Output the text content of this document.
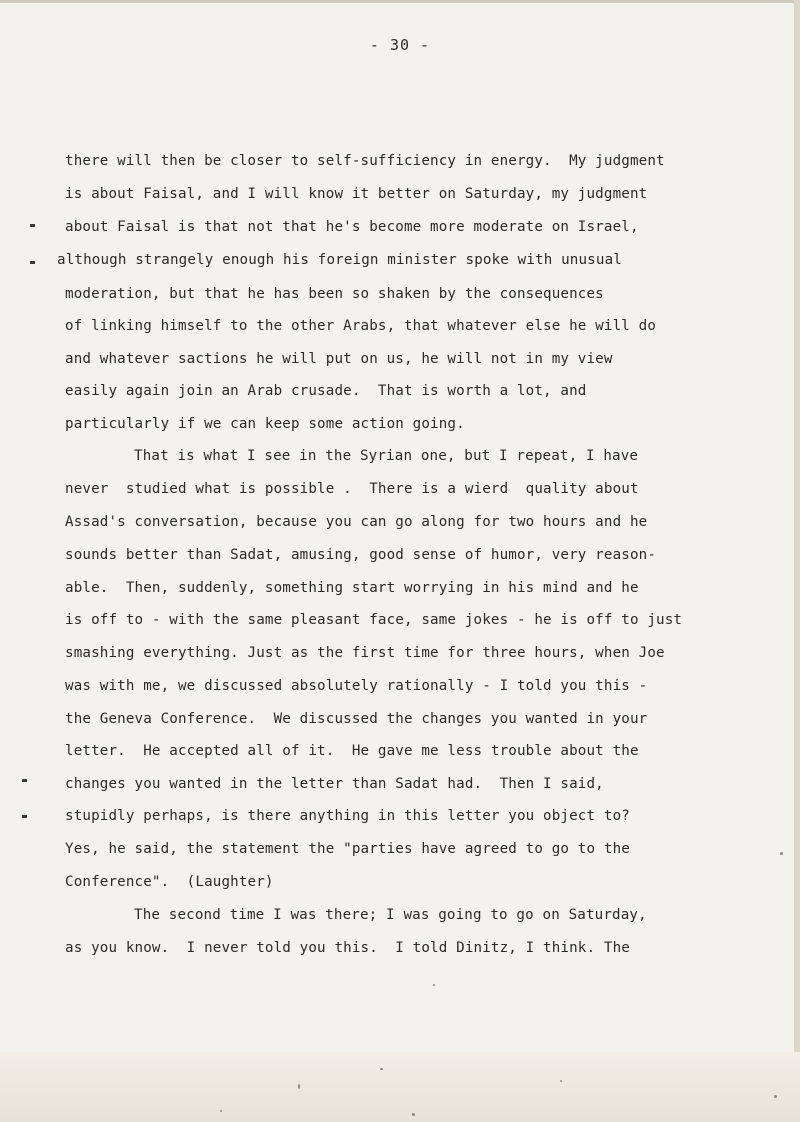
- 30 -
there will then be closer to self-sufficiency in energy.  My judgment
is about Faisal, and I will know it better on Saturday, my judgment
about Faisal is that not that he's become more moderate on Israel,
although strangely enough his foreign minister spoke with unusual
moderation, but that he has been so shaken by the consequences
of linking himself to the other Arabs, that whatever else he will do
and whatever sactions he will put on us, he will not in my view
easily again join an Arab crusade.  That is worth a lot, and
particularly if we can keep some action going.
That is what I see in the Syrian one, but I repeat, I have
never  studied what is possible .  There is a wierd  quality about
Assad's conversation, because you can go along for two hours and he
sounds better than Sadat, amusing, good sense of humor, very reason-
able.  Then, suddenly, something start worrying in his mind and he
is off to - with the same pleasant face, same jokes - he is off to just
smashing everything. Just as the first time for three hours, when Joe
was with me, we discussed absolutely rationally - I told you this -
the Geneva Conference.  We discussed the changes you wanted in your
letter.  He accepted all of it.  He gave me less trouble about the
changes you wanted in the letter than Sadat had.  Then I said,
stupidly perhaps, is there anything in this letter you object to?
Yes, he said, the statement the "parties have agreed to go to the
Conference".  (Laughter)
The second time I was there; I was going to go on Saturday,
as you know.  I never told you this.  I told Dinitz, I think. The
